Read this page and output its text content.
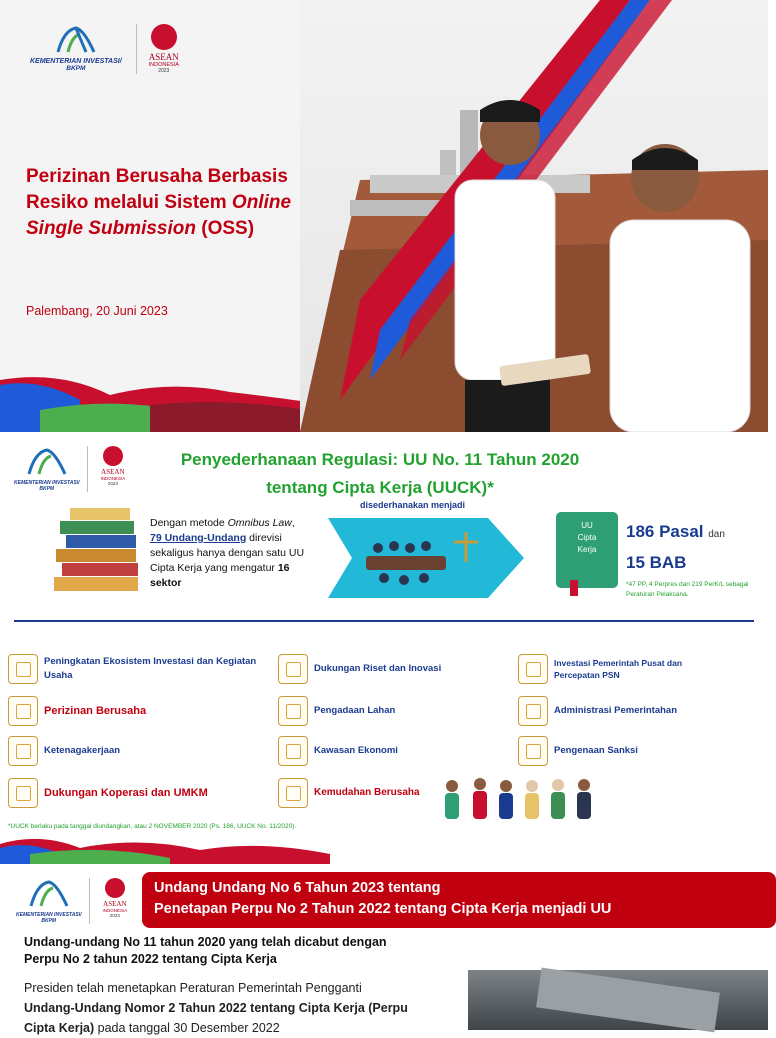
KEMENTERIAN INVESTASI/
BKPM
ASEAN
INDONESIA
2023
Perizinan Berusaha Berbasis
Resiko melalui Sistem Online
Single Submission (OSS)
Palembang, 20 Juni 2023
KEMENTERIAN INVESTASI/
BKPM
ASEAN
INDONESIA
2023
Penyederhanaan Regulasi: UU No. 11 Tahun 2020
tentang Cipta Kerja (UUCK)*

Dengan metode Omnibus Law,
79 Undang-Undang direvisi sekaligus hanya dengan satu UU Cipta Kerja yang mengatur 16
sektor

disederhanakan menjadi
UU
Cipta
Kerja
186 Pasal dan
15 BAB
*47 PP, 4 Perpres dan 219 PerK/L sebagai Peraturan Pelaksana.
Peningkatan Ekosistem Investasi dan Kegiatan Usaha
Perizinan Berusaha
Ketenagakerjaan
Dukungan Koperasi dan UMKM
Dukungan Riset dan Inovasi
Pengadaan Lahan
Kawasan Ekonomi
Kemudahan Berusaha
Investasi Pemerintah Pusat dan Percepatan PSN
Administrasi Pemerintahan
Pengenaan Sanksi
*UUCK berlaku pada tanggal diundangkan, atau 2 NOVEMBER 2020 (Ps. 186, UUCK No. 11/2020).
KEMENTERIAN INVESTASI/
BKPM
ASEAN
INDONESIA
2023
Undang Undang No 6 Tahun 2023 tentang
Penetapan Perpu No 2 Tahun 2022 tentang Cipta Kerja menjadi UU
Undang-undang No 11 tahun 2020 yang telah dicabut dengan Perpu No 2 tahun 2022 tentang Cipta Kerja
Presiden telah menetapkan Peraturan Pemerintah Pengganti
Undang-Undang Nomor 2 Tahun 2022 tentang Cipta Kerja (Perpu
Cipta Kerja) pada tanggal 30 Desember 2022
